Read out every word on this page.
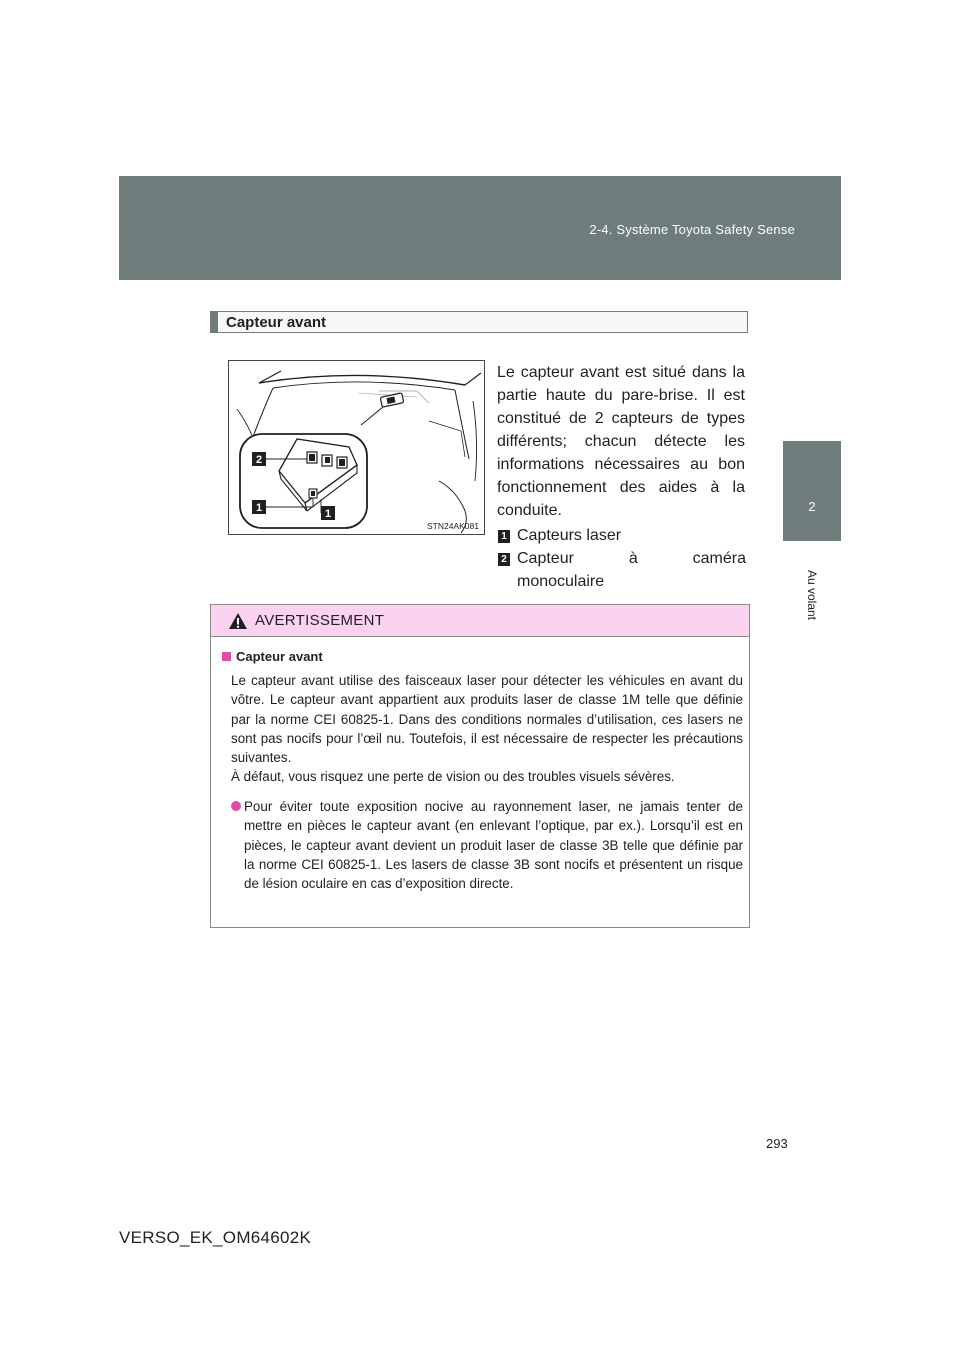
2-4. Système Toyota Safety Sense
2
Au volant
Capteur avant
2
1	1
STN24AK081
Le capteur avant est situé dans la partie haute du pare-brise. Il est constitué de 2 capteurs de types différents; chacun détecte les informations nécessaires au bon fonctionnement des aides à la conduite.
1 Capteurs laser
2 Capteur à caméra
monoculaire
AVERTISSEMENT
Capteur avant
Le capteur avant utilise des faisceaux laser pour détecter les véhicules en avant du vôtre. Le capteur avant appartient aux produits laser de classe 1M telle que définie par la norme CEI 60825-1. Dans des conditions normales d’utilisation, ces lasers ne sont pas nocifs pour l’œil nu. Toutefois, il est nécessaire de respecter les précautions suivantes.
À défaut, vous risquez une perte de vision ou des troubles visuels sévères.
Pour éviter toute exposition nocive au rayonnement laser, ne jamais tenter de mettre en pièces le capteur avant (en enlevant l’optique, par ex.). Lorsqu’il est en pièces, le capteur avant devient un produit laser de classe 3B telle que définie par la norme CEI 60825-1. Les lasers de classe 3B sont nocifs et présentent un risque de lésion oculaire en cas d’exposition directe.
293
VERSO_EK_OM64602K
